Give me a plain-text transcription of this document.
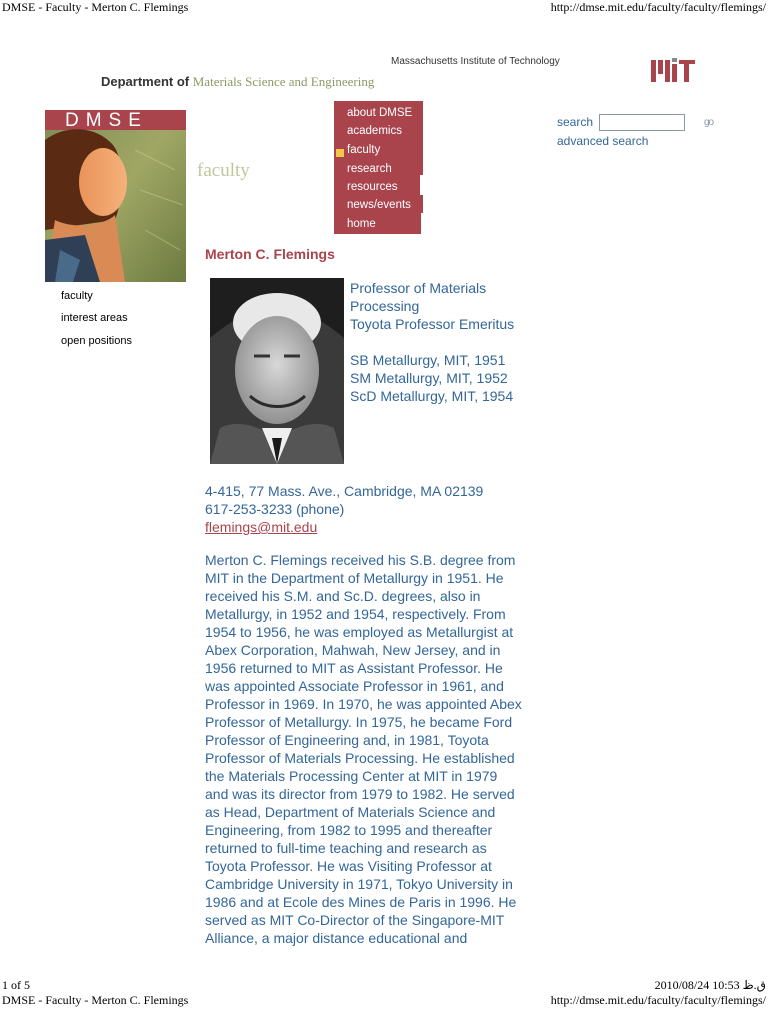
DMSE - Faculty - Merton C. Flemings	http://dmse.mit.edu/faculty/faculty/flemings/
Massachusetts Institute of Technology
Department of Materials Science and Engineering
DMSE
faculty
about DMSE
academics
faculty
research
resources
news/events
home
search	go
advanced search
faculty
interest areas
open positions
Merton C. Flemings
Professor of Materials
Processing
Toyota Professor Emeritus
SB Metallurgy, MIT, 1951
SM Metallurgy, MIT, 1952
ScD Metallurgy, MIT, 1954
4-415, 77 Mass. Ave., Cambridge, MA 02139
617-253-3233 (phone)
flemings@mit.edu
Merton C. Flemings received his S.B. degree from
MIT in the Department of Metallurgy in 1951. He
received his S.M. and Sc.D. degrees, also in
Metallurgy, in 1952 and 1954, respectively. From
1954 to 1956, he was employed as Metallurgist at
Abex Corporation, Mahwah, New Jersey, and in
1956 returned to MIT as Assistant Professor. He
was appointed Associate Professor in 1961, and
Professor in 1969. In 1970, he was appointed Abex
Professor of Metallurgy. In 1975, he became Ford
Professor of Engineering and, in 1981, Toyota
Professor of Materials Processing. He established
the Materials Processing Center at MIT in 1979
and was its director from 1979 to 1982. He served
as Head, Department of Materials Science and
Engineering, from 1982 to 1995 and thereafter
returned to full-time teaching and research as
Toyota Professor. He was Visiting Professor at
Cambridge University in 1971, Tokyo University in
1986 and at Ecole des Mines de Paris in 1996. He
served as MIT Co-Director of the Singapore-MIT
Alliance, a major distance educational and
1 of 5	2010/08/24 10:53 ق.ظ
DMSE - Faculty - Merton C. Flemings	http://dmse.mit.edu/faculty/faculty/flemings/
